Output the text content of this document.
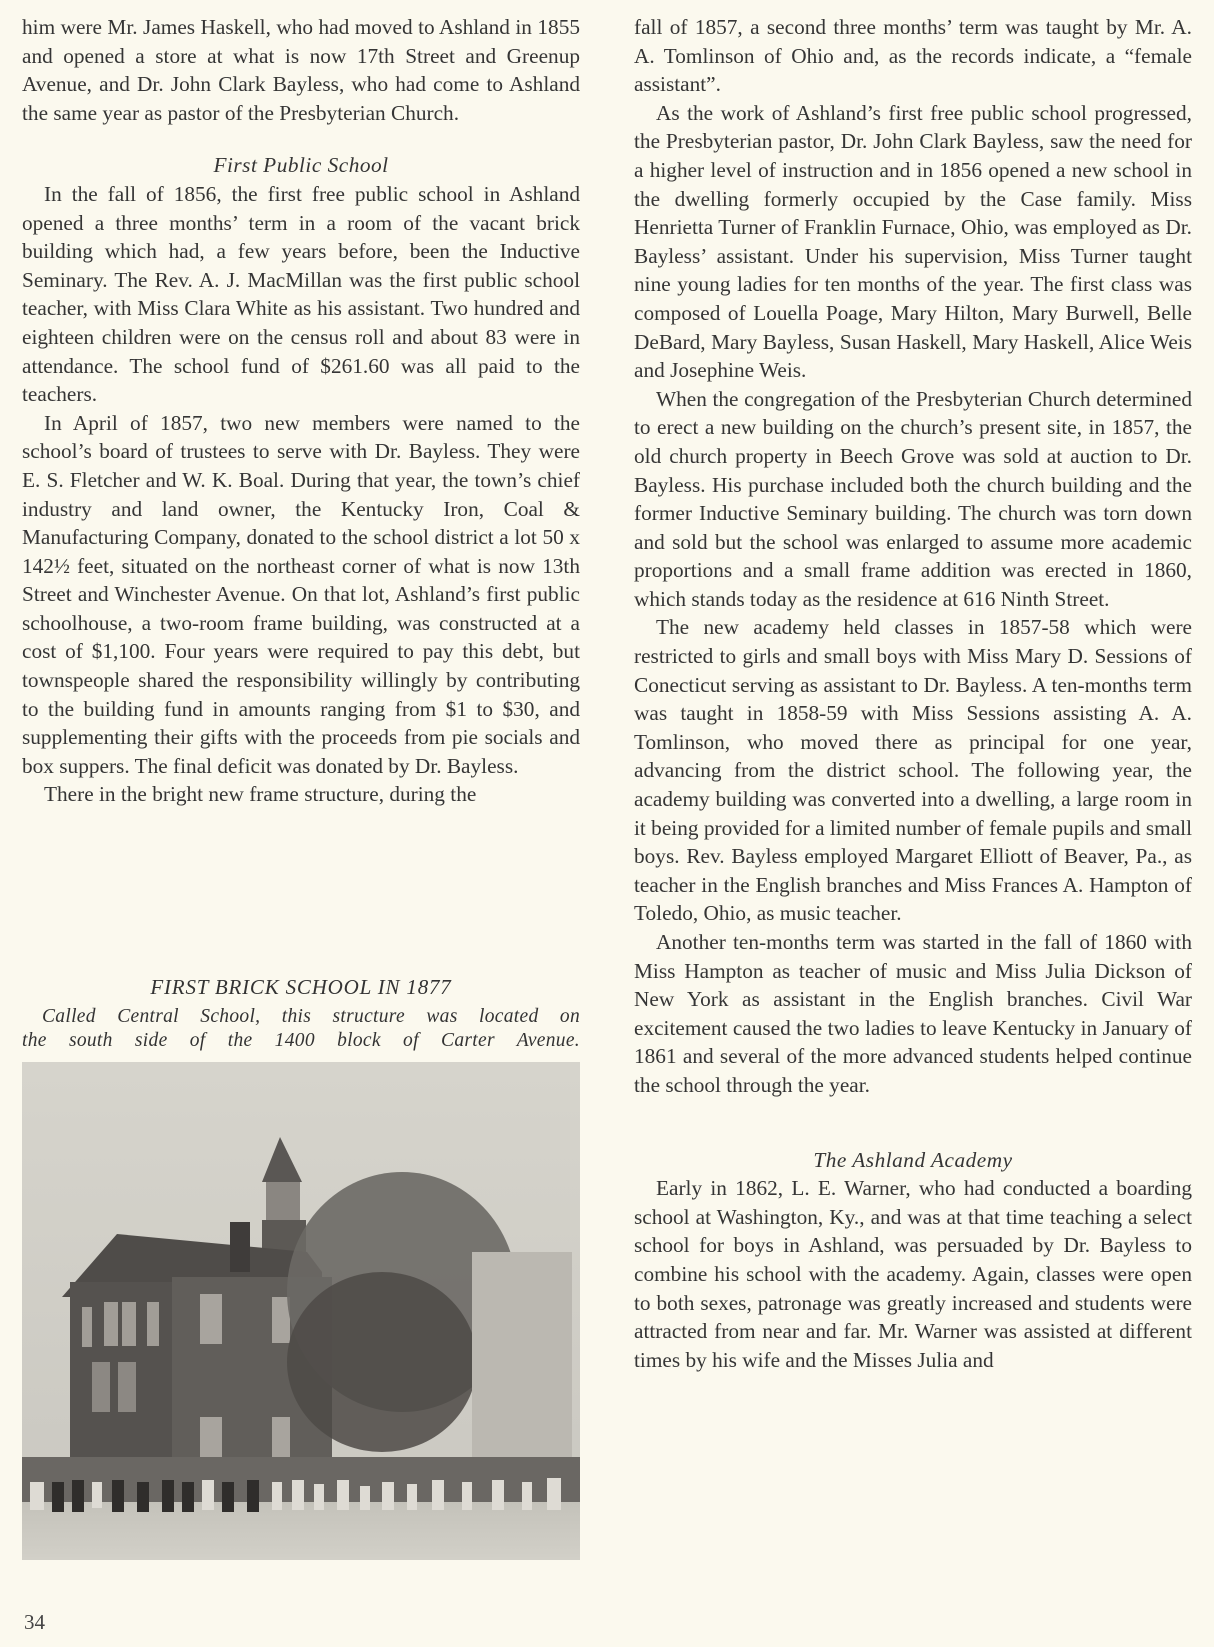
him were Mr. James Haskell, who had moved to Ashland in 1855 and opened a store at what is now 17th Street and Greenup Avenue, and Dr. John Clark Bayless, who had come to Ashland the same year as pastor of the Presbyterian Church.

First Public School

In the fall of 1856, the first free public school in Ashland opened a three months’ term in a room of the vacant brick building which had, a few years before, been the Inductive Seminary. The Rev. A. J. MacMillan was the first public school teacher, with Miss Clara White as his assistant. Two hundred and eighteen children were on the census roll and about 83 were in attendance. The school fund of $261.60 was all paid to the teachers.

In April of 1857, two new members were named to the school’s board of trustees to serve with Dr. Bayless. They were E. S. Fletcher and W. K. Boal. During that year, the town’s chief industry and land owner, the Kentucky Iron, Coal & Manufacturing Company, donated to the school district a lot 50 x 142½ feet, situated on the northeast corner of what is now 13th Street and Winchester Avenue. On that lot, Ashland’s first public schoolhouse, a two-room frame building, was constructed at a cost of $1,100. Four years were required to pay this debt, but townspeople shared the responsibility willingly by contributing to the building fund in amounts ranging from $1 to $30, and supplementing their gifts with the proceeds from pie socials and box suppers. The final deficit was donated by Dr. Bayless.

There in the bright new frame structure, during the

FIRST BRICK SCHOOL IN 1877
Called Central School, this structure was located on
the south side of the 1400 block of Carter Avenue.

fall of 1857, a second three months’ term was taught by Mr. A. A. Tomlinson of Ohio and, as the records indicate, a “female assistant”.

As the work of Ashland’s first free public school progressed, the Presbyterian pastor, Dr. John Clark Bayless, saw the need for a higher level of instruction and in 1856 opened a new school in the dwelling formerly occupied by the Case family. Miss Henrietta Turner of Franklin Furnace, Ohio, was employed as Dr. Bayless’ assistant. Under his supervision, Miss Turner taught nine young ladies for ten months of the year. The first class was composed of Louella Poage, Mary Hilton, Mary Burwell, Belle DeBard, Mary Bayless, Susan Haskell, Mary Haskell, Alice Weis and Josephine Weis.

When the congregation of the Presbyterian Church determined to erect a new building on the church’s present site, in 1857, the old church property in Beech Grove was sold at auction to Dr. Bayless. His purchase included both the church building and the former Inductive Seminary building. The church was torn down and sold but the school was enlarged to assume more academic proportions and a small frame addition was erected in 1860, which stands today as the residence at 616 Ninth Street.

The new academy held classes in 1857-58 which were restricted to girls and small boys with Miss Mary D. Sessions of Conecticut serving as assistant to Dr. Bayless. A ten-months term was taught in 1858-59 with Miss Sessions assisting A. A. Tomlinson, who moved there as principal for one year, advancing from the district school. The following year, the academy building was converted into a dwelling, a large room in it being provided for a limited number of female pupils and small boys. Rev. Bayless employed Margaret Elliott of Beaver, Pa., as teacher in the English branches and Miss Frances A. Hampton of Toledo, Ohio, as music teacher.

Another ten-months term was started in the fall of 1860 with Miss Hampton as teacher of music and Miss Julia Dickson of New York as assistant in the English branches. Civil War excitement caused the two ladies to leave Kentucky in January of 1861 and several of the more advanced students helped continue the school through the year.

The Ashland Academy

Early in 1862, L. E. Warner, who had conducted a boarding school at Washington, Ky., and was at that time teaching a select school for boys in Ashland, was persuaded by Dr. Bayless to combine his school with the academy. Again, classes were open to both sexes, patronage was greatly increased and students were attracted from near and far. Mr. Warner was assisted at different times by his wife and the Misses Julia and

34
